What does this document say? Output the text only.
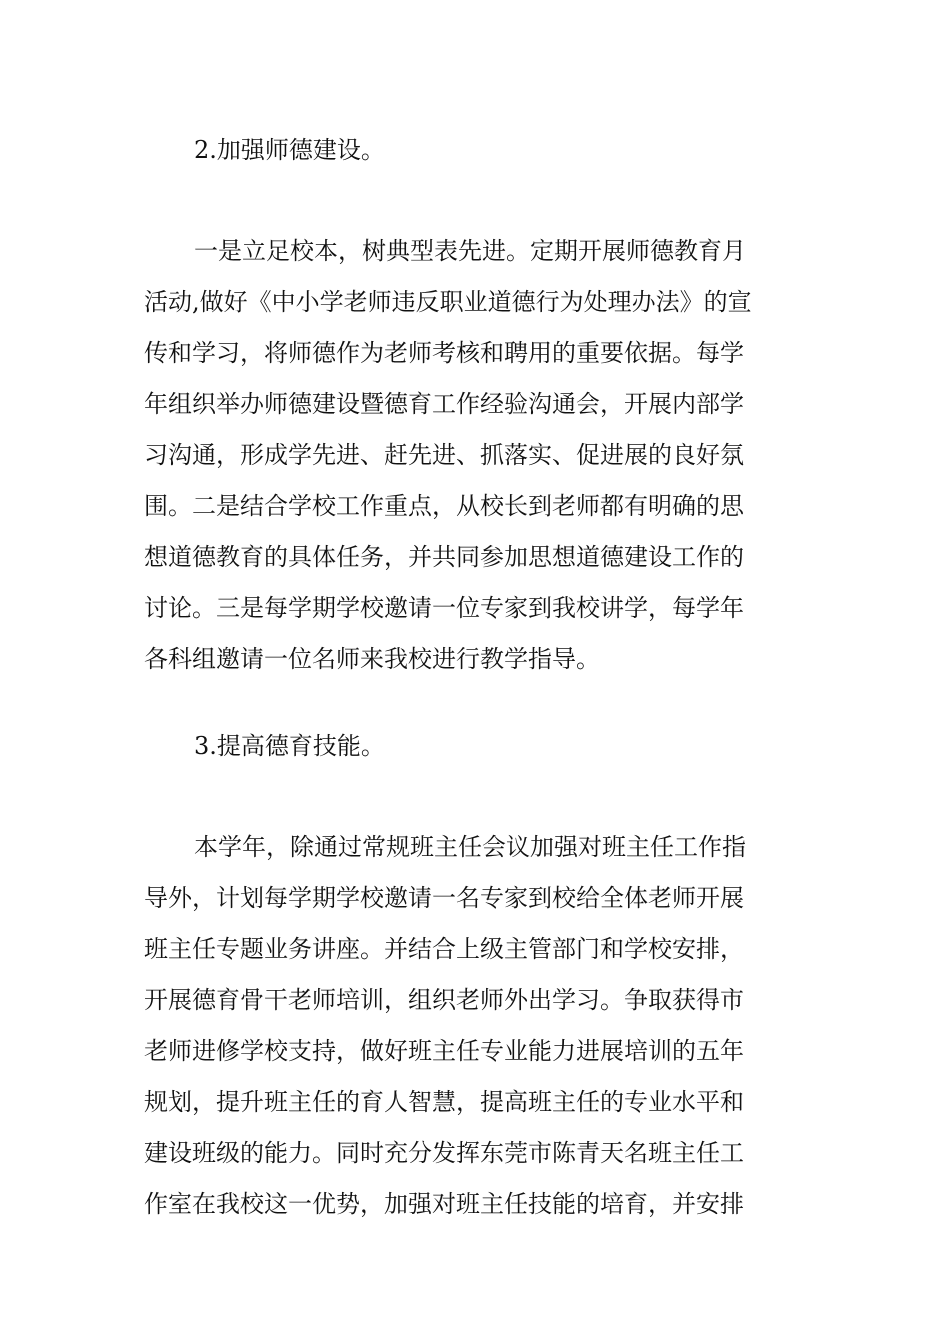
2.加强师德建设。
一是立足校本，树典型表先进。定期开展师德教育月
活动,做好《中小学老师违反职业道德行为处理办法》的宣
传和学习，将师德作为老师考核和聘用的重要依据。每学
年组织举办师德建设暨德育工作经验沟通会，开展内部学
习沟通，形成学先进、赶先进、抓落实、促进展的良好氛
围。二是结合学校工作重点，从校长到老师都有明确的思
想道德教育的具体任务，并共同参加思想道德建设工作的
讨论。三是每学期学校邀请一位专家到我校讲学，每学年
各科组邀请一位名师来我校进行教学指导。
3.提高德育技能。
本学年，除通过常规班主任会议加强对班主任工作指
导外，计划每学期学校邀请一名专家到校给全体老师开展
班主任专题业务讲座。并结合上级主管部门和学校安排，
开展德育骨干老师培训，组织老师外出学习。争取获得市
老师进修学校支持，做好班主任专业能力进展培训的五年
规划，提升班主任的育人智慧，提高班主任的专业水平和
建设班级的能力。同时充分发挥东莞市陈青天名班主任工
作室在我校这一优势，加强对班主任技能的培育，并安排
